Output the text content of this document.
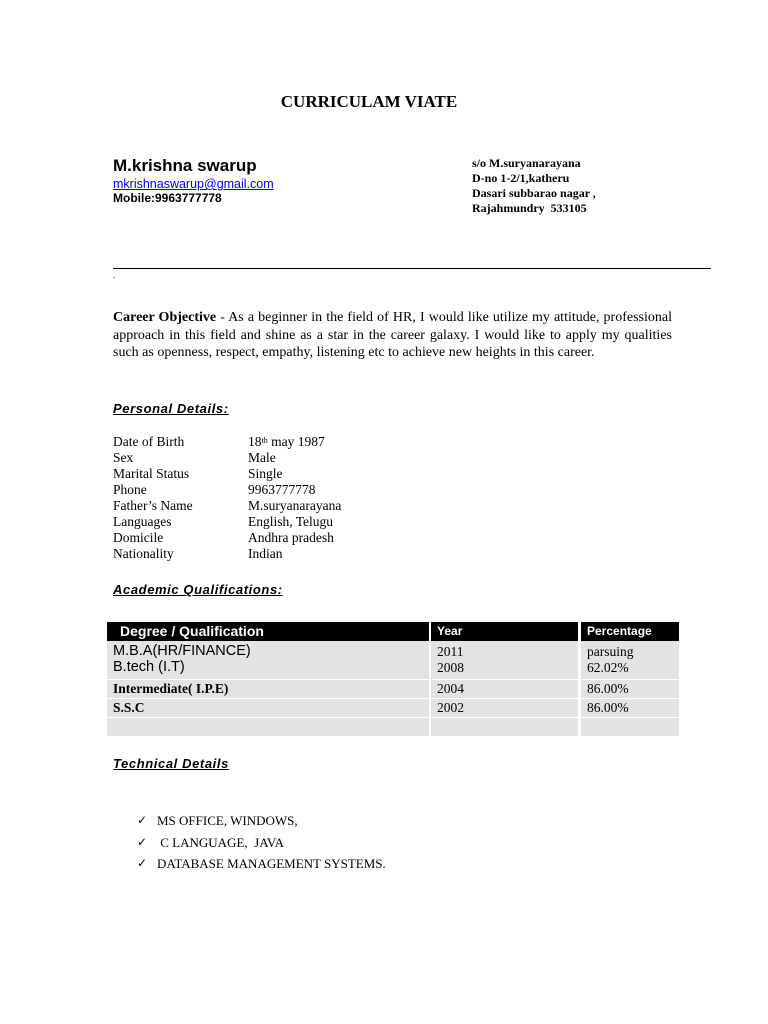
CURRICULAM VIATE
M.krishna swarup
mkrishnaswarup@gmail.com
Mobile:9963777778
s/o M.suryanarayana
D-no 1-2/1,katheru
Dasari subbarao nagar ,
Rajahmundry  533105
.
Career Objective - As a beginner in the field of HR, I would like utilize my attitude, professional approach in this field and shine as a star in the career galaxy. I would like to apply my qualities such as openness, respect, empathy, listening etc to achieve new heights in this career.
Personal Details:
Date of Birth	18th may 1987
Sex	Male
Marital Status	Single
Phone	9963777778
Father’s Name	M.suryanarayana
Languages	English, Telugu
Domicile	Andhra pradesh
Nationality	Indian
Academic Qualifications:
Degree / Qualification	Year	Percentage
M.B.A(HR/FINANCE)	2011	parsuing
B.tech (I.T)	2008	62.02%
Intermediate( I.P.E)	2004	86.00%
S.S.C	2002	86.00%
Technical Details
✓ MS OFFICE, WINDOWS,
✓ C LANGUAGE,  JAVA
✓ DATABASE MANAGEMENT SYSTEMS.
